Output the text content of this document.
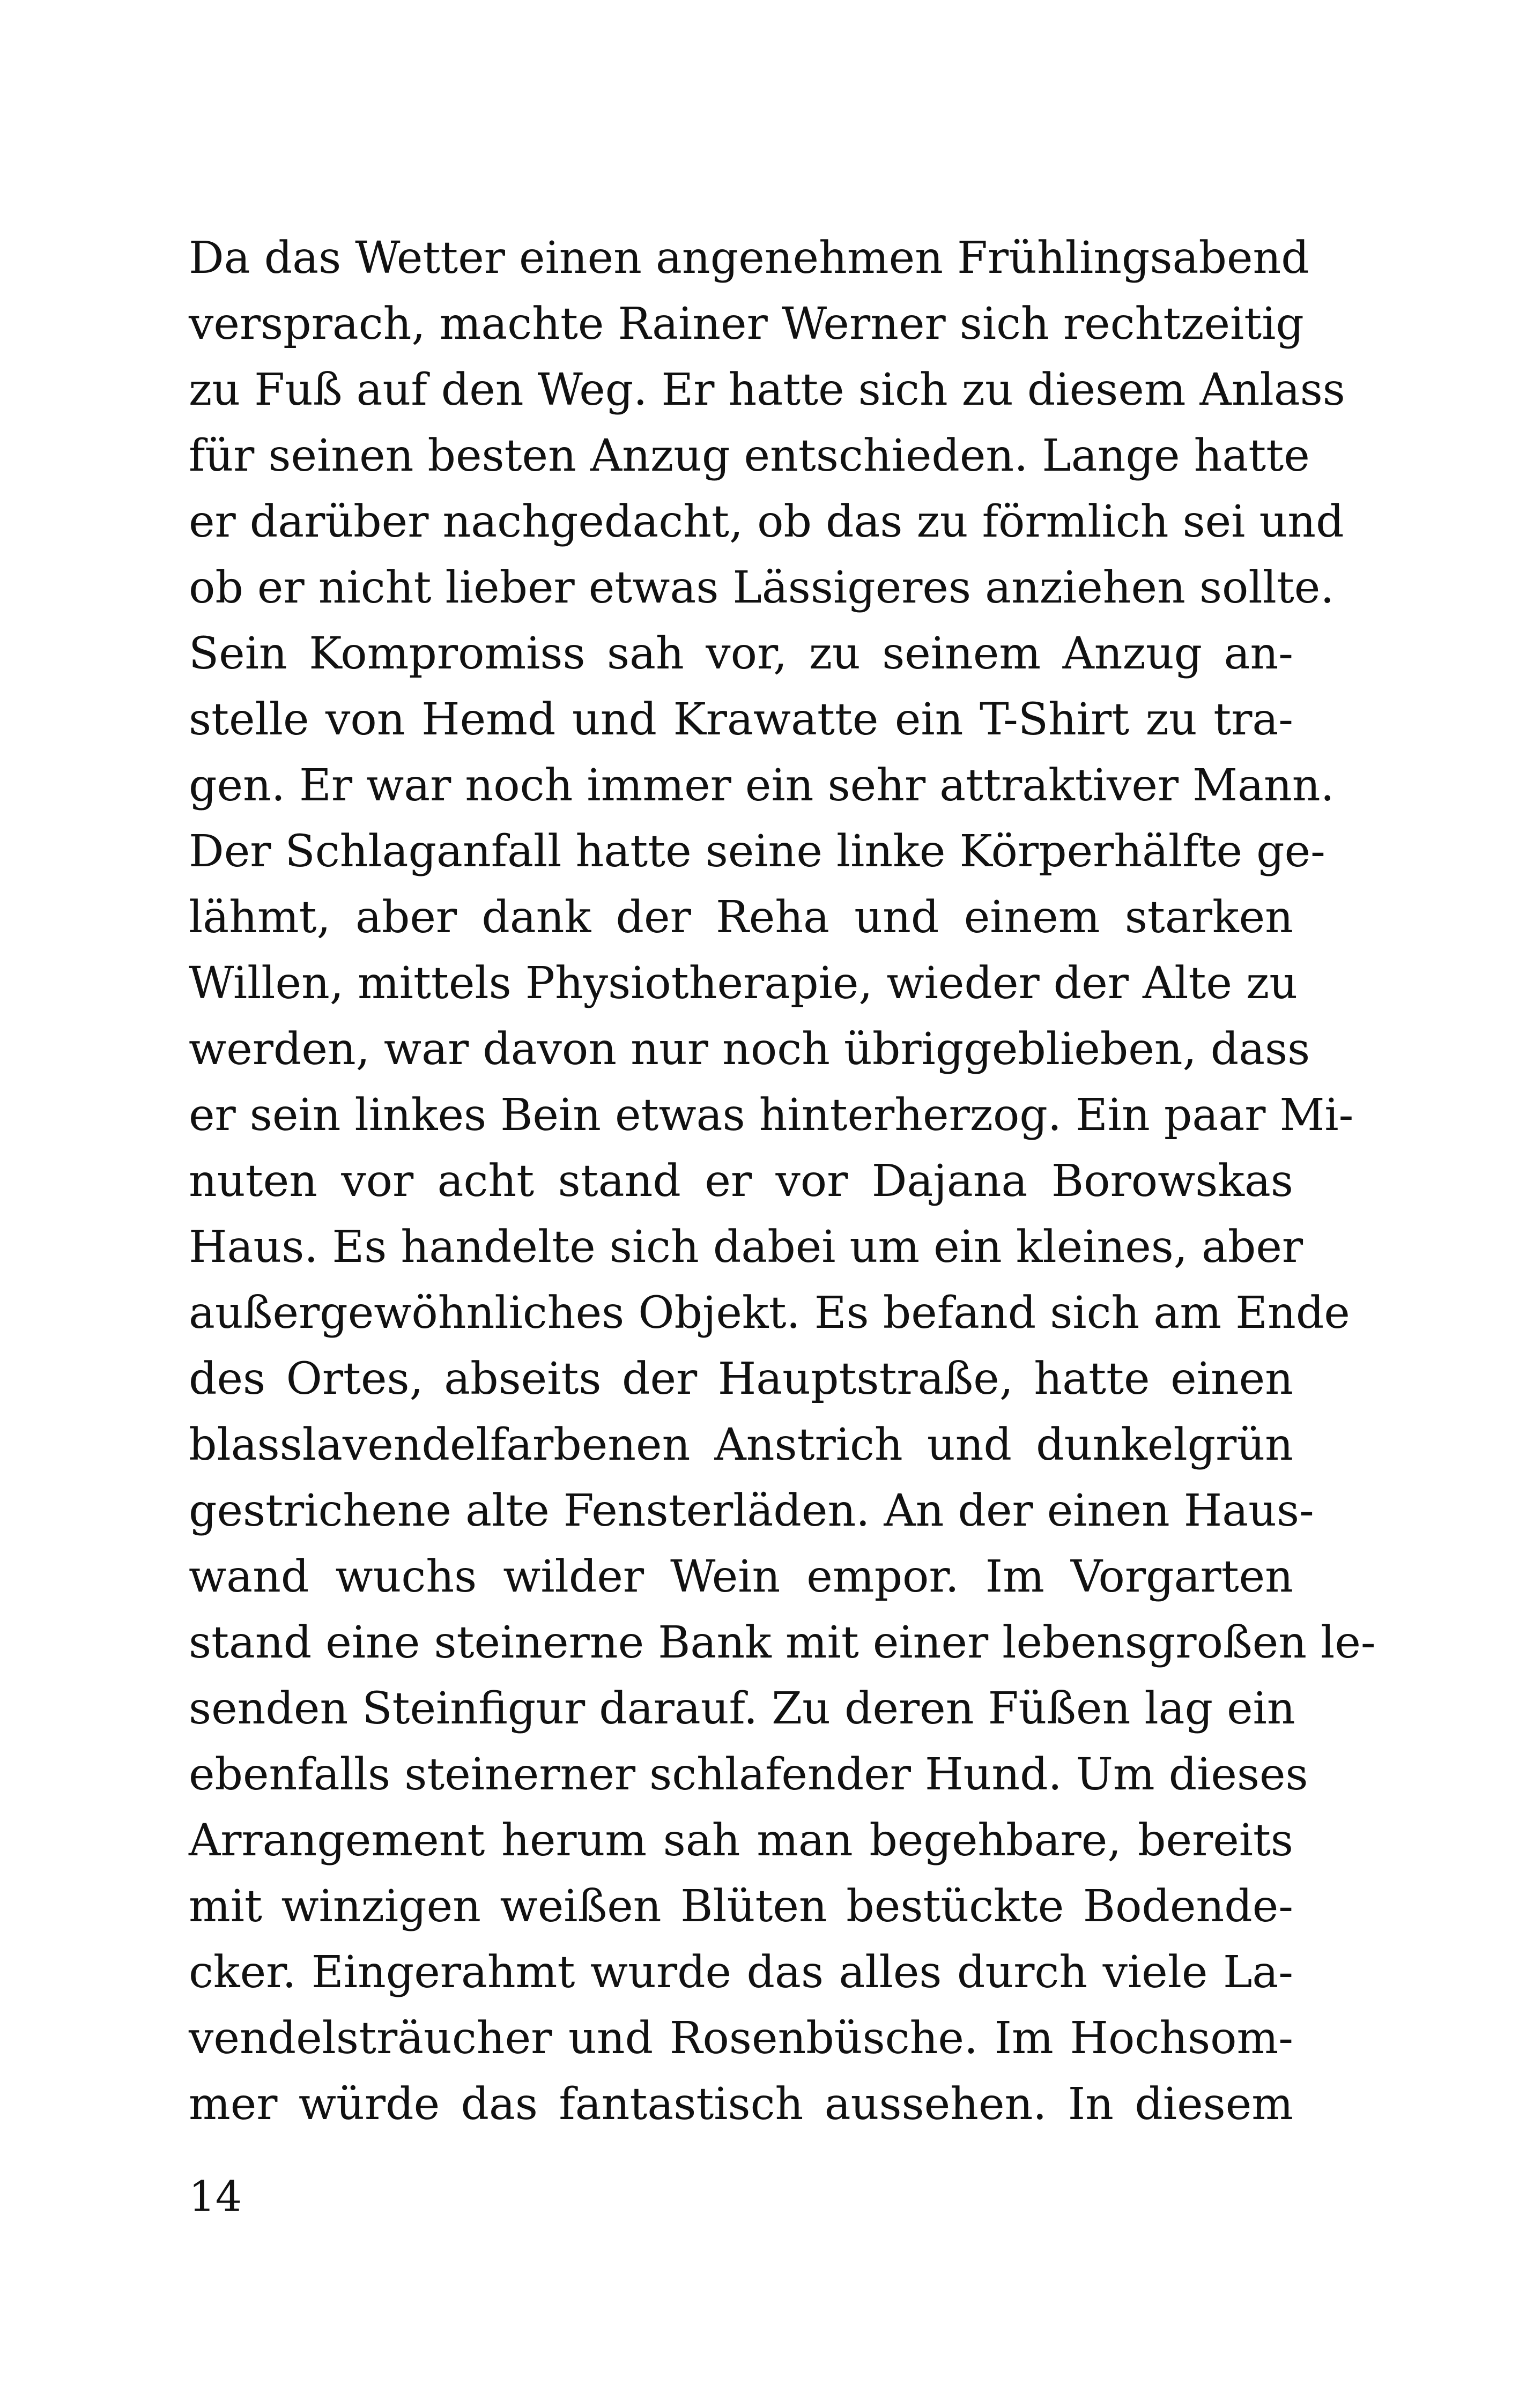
Da das Wetter einen angenehmen Frühlingsabend
versprach, machte Rainer Werner sich rechtzeitig
zu Fuß auf den Weg. Er hatte sich zu diesem Anlass
für seinen besten Anzug entschieden. Lange hatte
er darüber nachgedacht, ob das zu förmlich sei und
ob er nicht lieber etwas Lässigeres anziehen sollte.
Sein Kompromiss sah vor, zu seinem Anzug an-
stelle von Hemd und Krawatte ein T-Shirt zu tra-
gen. Er war noch immer ein sehr attraktiver Mann.
Der Schlaganfall hatte seine linke Körperhälfte ge-
lähmt, aber dank der Reha und einem starken
Willen, mittels Physiotherapie, wieder der Alte zu
werden, war davon nur noch übriggeblieben, dass
er sein linkes Bein etwas hinterherzog. Ein paar Mi-
nuten vor acht stand er vor Dajana Borowskas
Haus. Es handelte sich dabei um ein kleines, aber
außergewöhnliches Objekt. Es befand sich am Ende
des Ortes, abseits der Hauptstraße, hatte einen
blasslavendelfarbenen Anstrich und dunkelgrün
gestrichene alte Fensterläden. An der einen Haus-
wand wuchs wilder Wein empor. Im Vorgarten
stand eine steinerne Bank mit einer lebensgroßen le-
senden Steinfigur darauf. Zu deren Füßen lag ein
ebenfalls steinerner schlafender Hund. Um dieses
Arrangement herum sah man begehbare, bereits
mit winzigen weißen Blüten bestückte Bodende-
cker. Eingerahmt wurde das alles durch viele La-
vendelsträucher und Rosenbüsche. Im Hochsom-
mer würde das fantastisch aussehen. In diesem
14
